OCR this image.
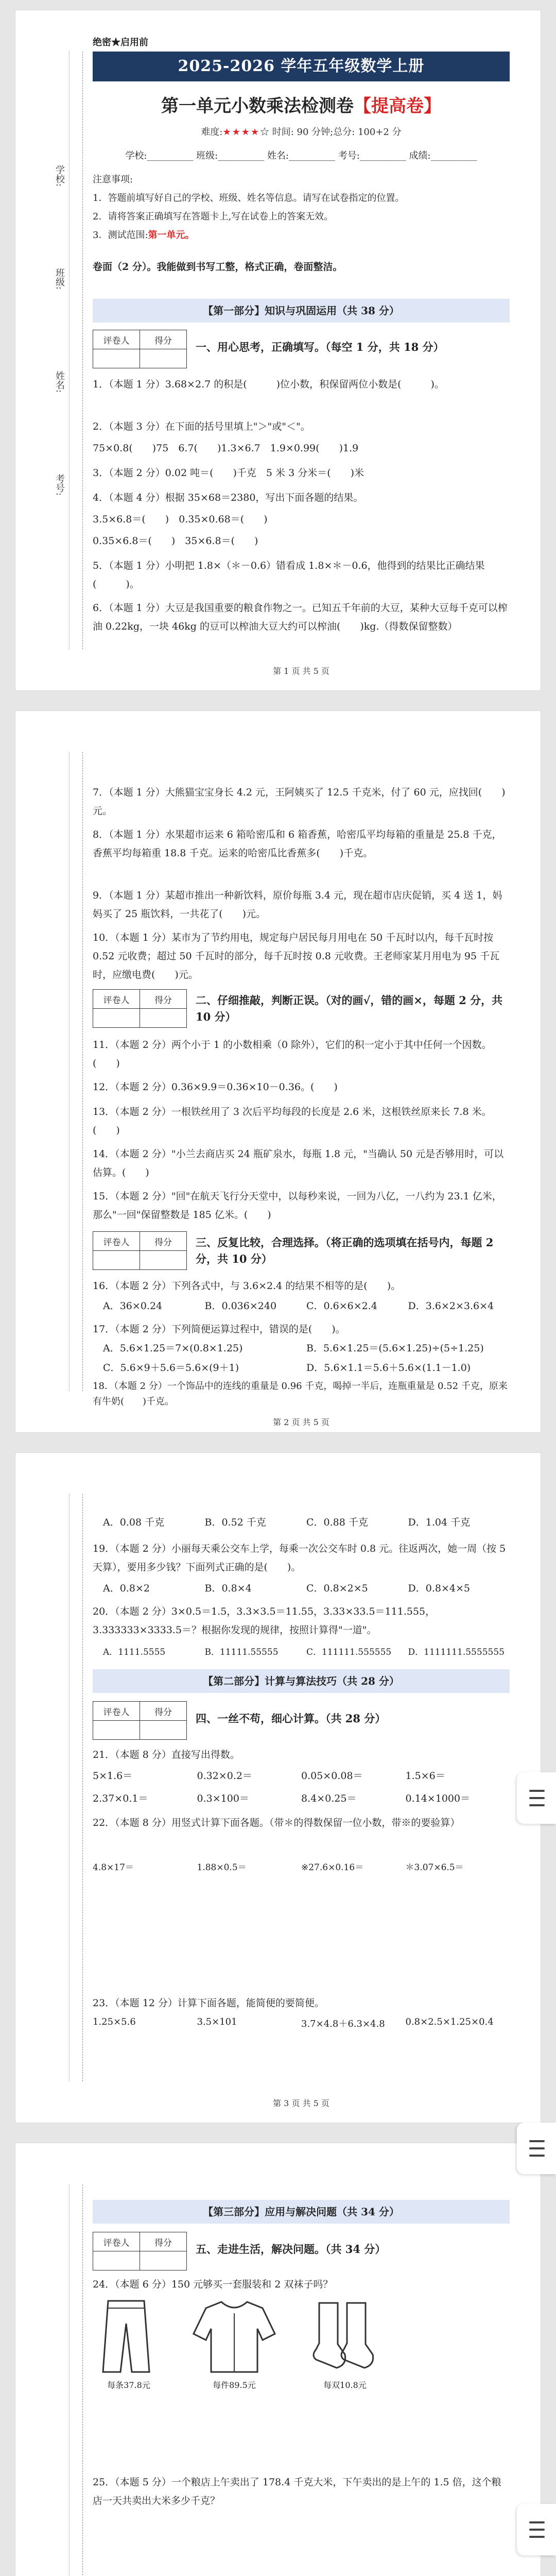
学校:
班级:
姓名:
考号:
绝密★启用前
2025-2026 学年五年级数学上册
第一单元小数乘法检测卷【提高卷】
难度:★★★★☆ 时间: 90 分钟;总分: 100+2 分
学校:__________ 班级:__________ 姓名:__________ 考号:__________ 成绩:__________
注意事项:
1．答题前填写好自己的学校、班级、姓名等信息。请写在试卷指定的位置。
2．请将答案正确填写在答题卡上,写在试卷上的答案无效。
3．测试范围:第一单元。
卷面（2 分）。我能做到书写工整，格式正确，卷面整洁。
【第一部分】知识与巩固运用（共 38 分）
评卷人	得分
	一、用心思考，正确填写。（每空 1 分，共 18 分）
1．（本题 1 分）3.68×2.7 的积是(　　　)位小数，积保留两位小数是(　　　)。
2．（本题 3 分）在下面的括号里填上"＞"或"＜"。
75×0.8(　　)75　6.7(　　)1.3×6.7　1.9×0.99(　　)1.9
3．（本题 2 分）0.02 吨＝(　　)千克　5 米 3 分米＝(　　)米
4．（本题 4 分）根据 35×68＝2380，写出下面各题的结果。
3.5×6.8＝(　　)　0.35×0.68＝(　　)
0.35×6.8＝(　　)　35×6.8＝(　　)
5．（本题 1 分）小明把 1.8×（＊－0.6）错看成 1.8×＊－0.6，他得到的结果比正确结果(　　　)。
6．（本题 1 分）大豆是我国重要的粮食作物之一。已知五千年前的大豆，某种大豆每千克可以榨油 0.22kg，一块 46kg 的豆可以榨油大豆大约可以榨油(　　)kg.（得数保留整数）
第 1 页 共 5 页
7．（本题 1 分）大熊猫宝宝身长 4.2 元，王阿姨买了 12.5 千克米，付了 60 元，应找回(　　)元。
8．（本题 1 分）水果超市运来 6 箱哈密瓜和 6 箱香蕉，哈密瓜平均每箱的重量是 25.8 千克，香蕉平均每箱重 18.8 千克。运来的哈密瓜比香蕉多(　　)千克。
9．（本题 1 分）某超市推出一种新饮料，原价每瓶 3.4 元，现在超市店庆促销，买 4 送 1，妈妈买了 25 瓶饮料，一共花了(　　)元。
10．（本题 1 分）某市为了节约用电，规定每户居民每月用电在 50 千瓦时以内，每千瓦时按 0.52 元收费；超过 50 千瓦时的部分，每千瓦时按 0.8 元收费。王老师家某月用电为 95 千瓦时，应缴电费(　　)元。
评卷人	得分
	二、仔细推敲，判断正误。（对的画√，错的画×，每题 2 分，共 10 分）
11．（本题 2 分）两个小于 1 的小数相乘（0 除外），它们的积一定小于其中任何一个因数。(　　)
12．（本题 2 分）0.36×9.9＝0.36×10－0.36。(　　)
13．（本题 2 分）一根铁丝用了 3 次后平均每段的长度是 2.6 米，这根铁丝原来长 7.8 米。(　　)
14．（本题 2 分）"小兰去商店买 24 瓶矿泉水，每瓶 1.8 元，"当确认 50 元是否够用时，可以估算。(　　)
15．（本题 2 分）"回"在航天飞行分天堂中，以每秒来说，一回为八亿，一八约为 23.1 亿米，那么"一回"保留整数是 185 亿米。(　　)
评卷人	得分
	三、反复比较，合理选择。（将正确的选项填在括号内，每题 2 分，共 10 分）
16．（本题 2 分）下列各式中，与 3.6×2.4 的结果不相等的是(　　)。
A．36×0.24	B．0.036×240	C．0.6×6×2.4	D．3.6×2×3.6×4
17．（本题 2 分）下列简便运算过程中，错误的是(　　)。
A．5.6×1.25＝7×(0.8×1.25)	B．5.6×1.25＝(5.6×1.25)÷(5÷1.25)
C．5.6×9＋5.6＝5.6×(9＋1)	D．5.6×1.1＝5.6＋5.6×(1.1－1.0)
18．（本题 2 分）一个饰品中的连线的重量是 0.96 千克，喝掉一半后，连瓶重量是 0.52 千克，原来有牛奶(　　)千克。
第 2 页 共 5 页
A．0.08 千克	B．0.52 千克	C．0.88 千克	D．1.04 千克
19．（本题 2 分）小丽每天乘公交车上学，每乘一次公交车时 0.8 元。往返两次，她一周（按 5 天算），要用多少钱？下面列式正确的是(　　)。
A．0.8×2	B．0.8×4	C．0.8×2×5	D．0.8×4×5
20．（本题 2 分）3×0.5＝1.5，3.3×3.5＝11.55，3.33×33.5＝111.555，3.333333×3333.5＝？根据你发现的规律，按照计算得"一道"。
A．1111.5555	B．11111.55555	C．111111.555555	D．1111111.5555555
【第二部分】计算与算法技巧（共 28 分）
评卷人	得分
	四、一丝不苟，细心计算。（共 28 分）
21．（本题 8 分）直接写出得数。
5×1.6＝	0.32×0.2＝	0.05×0.08＝	1.5×6＝
2.37×0.1＝	0.3×100＝	8.4×0.25＝	0.14×1000＝
22．（本题 8 分）用竖式计算下面各题。（带＊的得数保留一位小数，带※的要验算）
4.8×17＝	1.88×0.5＝	※27.6×0.16＝	＊3.07×6.5＝
23．（本题 12 分）计算下面各题，能简便的要简便。
1.25×5.6	3.5×101	3.7×4.8＋6.3×4.8	0.8×2.5×1.25×0.4
第 3 页 共 5 页
【第三部分】应用与解决问题（共 34 分）
评卷人	得分
	五、走进生活，解决问题。（共 34 分）
24．（本题 6 分）150 元够买一套服装和 2 双袜子吗？
每条37.8元	每件89.5元	每双10.8元
25．（本题 5 分）一个粮店上午卖出了 178.4 千克大米，下午卖出的是上午的 1.5 倍，这个粮店一天共卖出大米多少千克？
